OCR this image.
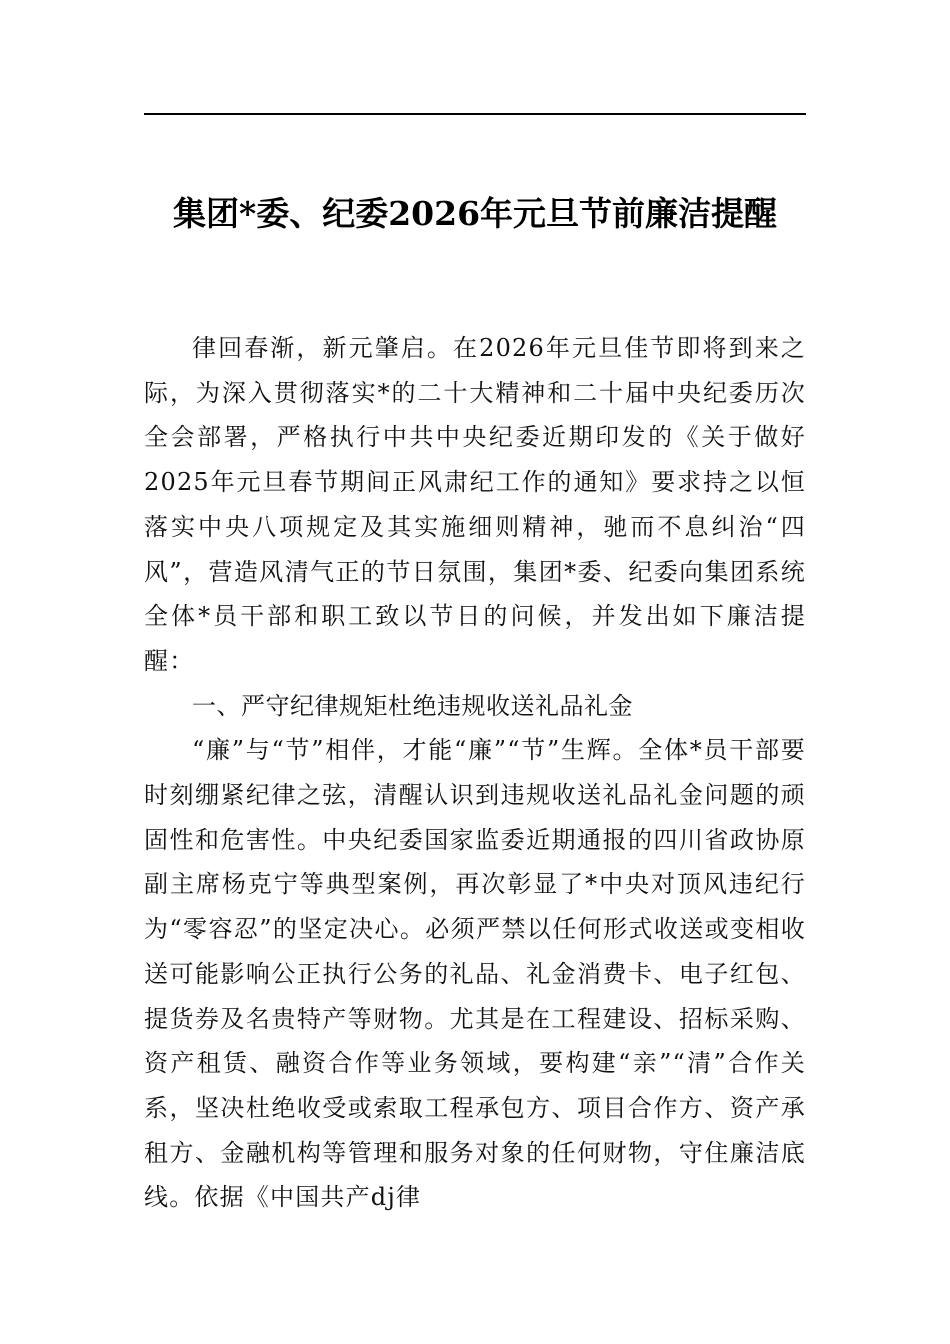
集团*委、纪委2026年元旦节前廉洁提醒

律回春渐，新元肇启。在2026年元旦佳节即将到来之际，为深入贯彻落实*的二十大精神和二十届中央纪委历次全会部署，严格执行中共中央纪委近期印发的《关于做好2025年元旦春节期间正风肃纪工作的通知》要求持之以恒落实中央八项规定及其实施细则精神，驰而不息纠治“四风”，营造风清气正的节日氛围，集团*委、纪委向集团系统全体*员干部和职工致以节日的问候，并发出如下廉洁提醒：

一、严守纪律规矩杜绝违规收送礼品礼金

“廉”与“节”相伴，才能“廉”“节”生辉。全体*员干部要时刻绷紧纪律之弦，清醒认识到违规收送礼品礼金问题的顽固性和危害性。中央纪委国家监委近期通报的四川省政协原副主席杨克宁等典型案例，再次彰显了*中央对顶风违纪行为“零容忍”的坚定决心。必须严禁以任何形式收送或变相收送可能影响公正执行公务的礼品、礼金消费卡、电子红包、提货券及名贵特产等财物。尤其是在工程建设、招标采购、资产租赁、融资合作等业务领域，要构建“亲”“清”合作关系，坚决杜绝收受或索取工程承包方、项目合作方、资产承租方、金融机构等管理和服务对象的任何财物，守住廉洁底线。依据《中国共产dj律
